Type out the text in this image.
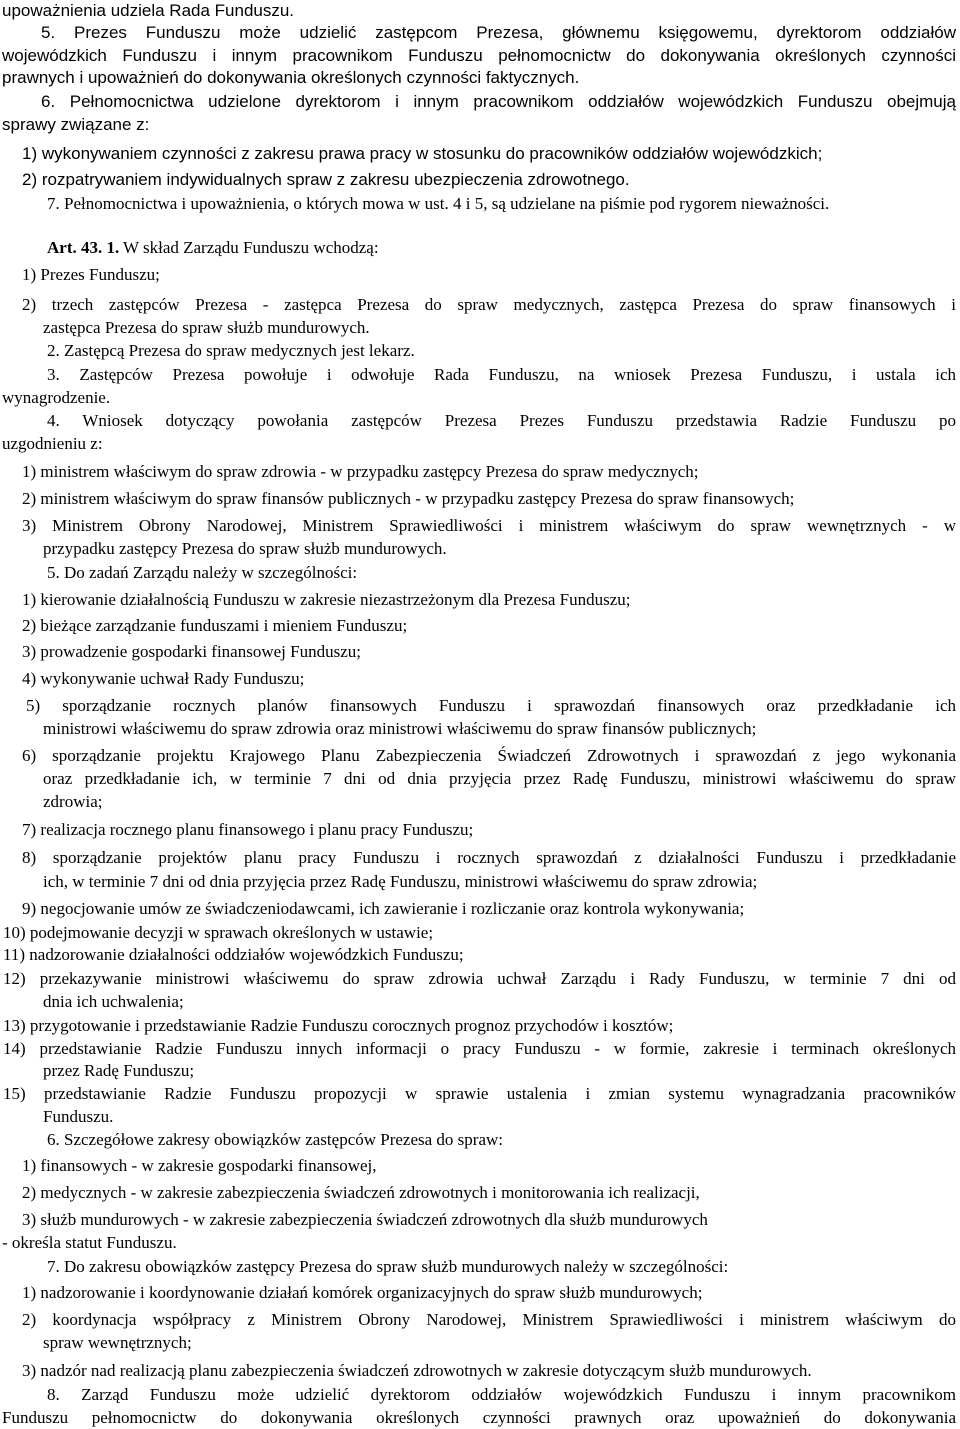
upoważnienia udziela Rada Funduszu.

5. Prezes Funduszu może udzielić zastępcom Prezesa, głównemu księgowemu, dyrektorom oddziałów

wojewódzkich Funduszu i innym pracownikom Funduszu pełnomocnictw do dokonywania określonych czynności

prawnych i upoważnień do dokonywania określonych czynności faktycznych.

6. Pełnomocnictwa udzielone dyrektorom i innym pracownikom oddziałów wojewódzkich Funduszu obejmują

sprawy związane z:

1) wykonywaniem czynności z zakresu prawa pracy w stosunku do pracowników oddziałów wojewódzkich;

2) rozpatrywaniem indywidualnych spraw z zakresu ubezpieczenia zdrowotnego.

7. Pełnomocnictwa i upoważnienia, o których mowa w ust. 4 i 5, są udzielane na piśmie pod rygorem nieważności.

Art. 43. 1. W skład Zarządu Funduszu wchodzą:

1) Prezes Funduszu;

2) trzech zastępców Prezesa - zastępca Prezesa do spraw medycznych, zastępca Prezesa do spraw finansowych i

zastępca Prezesa do spraw służb mundurowych.

2. Zastępcą Prezesa do spraw medycznych jest lekarz.

3. Zastępców Prezesa powołuje i odwołuje Rada Funduszu, na wniosek Prezesa Funduszu, i ustala ich

wynagrodzenie.

4. Wniosek dotyczący powołania zastępców Prezesa Prezes Funduszu przedstawia Radzie Funduszu po

uzgodnieniu z:

1) ministrem właściwym do spraw zdrowia - w przypadku zastępcy Prezesa do spraw medycznych;

2) ministrem właściwym do spraw finansów publicznych - w przypadku zastępcy Prezesa do spraw finansowych;

3) Ministrem Obrony Narodowej, Ministrem Sprawiedliwości i ministrem właściwym do spraw wewnętrznych - w

przypadku zastępcy Prezesa do spraw służb mundurowych.

5. Do zadań Zarządu należy w szczególności:

1) kierowanie działalnością Funduszu w zakresie niezastrzeżonym dla Prezesa Funduszu;

2) bieżące zarządzanie funduszami i mieniem Funduszu;

3) prowadzenie gospodarki finansowej Funduszu;

4) wykonywanie uchwał Rady Funduszu;

5) sporządzanie rocznych planów finansowych Funduszu i sprawozdań finansowych oraz przedkładanie ich

ministrowi właściwemu do spraw zdrowia oraz ministrowi właściwemu do spraw finansów publicznych;

6) sporządzanie projektu Krajowego Planu Zabezpieczenia Świadczeń Zdrowotnych i sprawozdań z jego wykonania

oraz przedkładanie ich, w terminie 7 dni od dnia przyjęcia przez Radę Funduszu, ministrowi właściwemu do spraw

zdrowia;

7) realizacja rocznego planu finansowego i planu pracy Funduszu;

8) sporządzanie projektów planu pracy Funduszu i rocznych sprawozdań z działalności Funduszu i przedkładanie

ich, w terminie 7 dni od dnia przyjęcia przez Radę Funduszu, ministrowi właściwemu do spraw zdrowia;

9) negocjowanie umów ze świadczeniodawcami, ich zawieranie i rozliczanie oraz kontrola wykonywania;

10) podejmowanie decyzji w sprawach określonych w ustawie;

11) nadzorowanie działalności oddziałów wojewódzkich Funduszu;

12) przekazywanie ministrowi właściwemu do spraw zdrowia uchwał Zarządu i Rady Funduszu, w terminie 7 dni od

dnia ich uchwalenia;

13) przygotowanie i przedstawianie Radzie Funduszu corocznych prognoz przychodów i kosztów;

14) przedstawianie Radzie Funduszu innych informacji o pracy Funduszu - w formie, zakresie i terminach określonych

przez Radę Funduszu;

15) przedstawianie Radzie Funduszu propozycji w sprawie ustalenia i zmian systemu wynagradzania pracowników

Funduszu.

6. Szczegółowe zakresy obowiązków zastępców Prezesa do spraw:

1) finansowych - w zakresie gospodarki finansowej,

2) medycznych - w zakresie zabezpieczenia świadczeń zdrowotnych i monitorowania ich realizacji,

3) służb mundurowych - w zakresie zabezpieczenia świadczeń zdrowotnych dla służb mundurowych

- określa statut Funduszu.

7. Do zakresu obowiązków zastępcy Prezesa do spraw służb mundurowych należy w szczególności:

1) nadzorowanie i koordynowanie działań komórek organizacyjnych do spraw służb mundurowych;

2) koordynacja współpracy z Ministrem Obrony Narodowej, Ministrem Sprawiedliwości i ministrem właściwym do

spraw wewnętrznych;

3) nadzór nad realizacją planu zabezpieczenia świadczeń zdrowotnych w zakresie dotyczącym służb mundurowych.

8. Zarząd Funduszu może udzielić dyrektorom oddziałów wojewódzkich Funduszu i innym pracownikom

Funduszu pełnomocnictw do dokonywania określonych czynności prawnych oraz upoważnień do dokonywania
